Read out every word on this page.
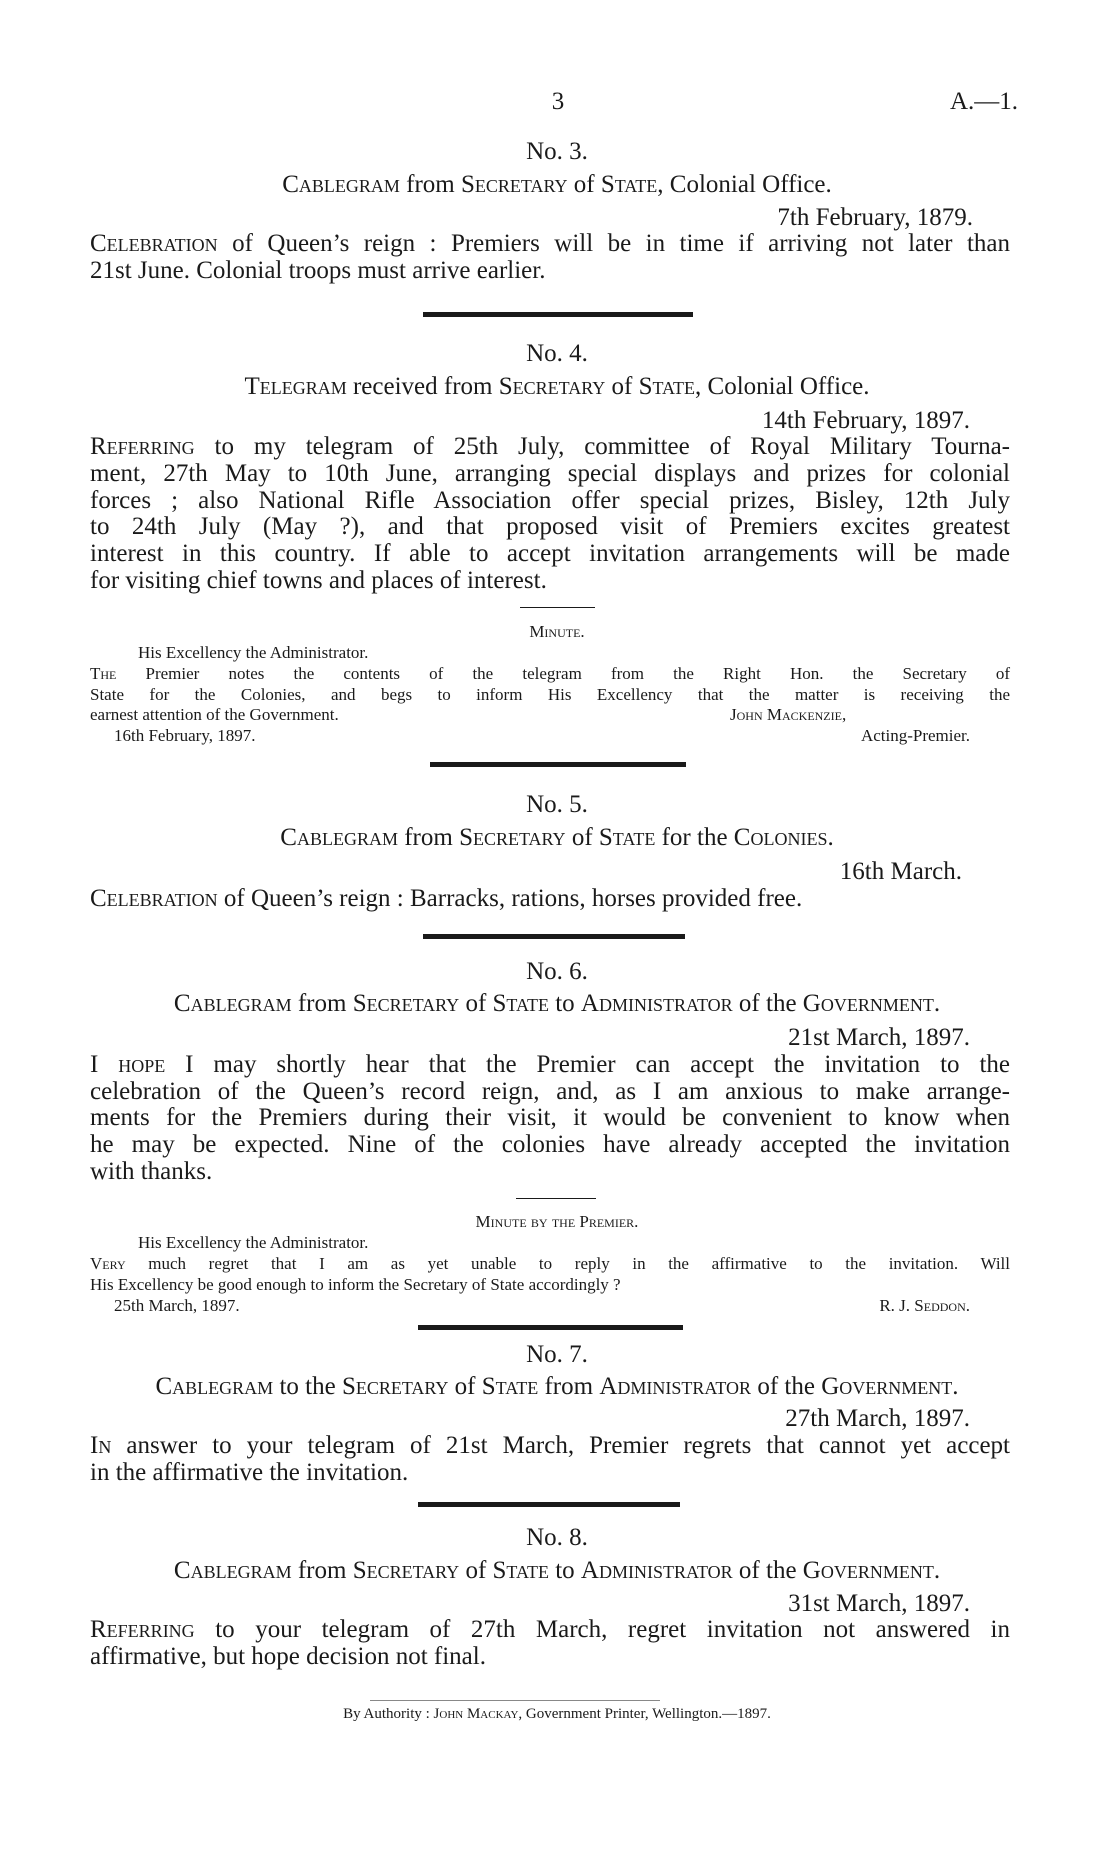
3	A.—1.
No. 3.
Cablegram from Secretary of State, Colonial Office.
7th February, 1879.
Celebration of Queen’s reign : Premiers will be in time if arriving not later than
21st June. Colonial troops must arrive earlier.
No. 4.
Telegram received from Secretary of State, Colonial Office.
14th February, 1897.
Referring to my telegram of 25th July, committee of Royal Military Tourna-
ment, 27th May to 10th June, arranging special displays and prizes for colonial
forces ; also National Rifle Association offer special prizes, Bisley, 12th July
to 24th July (May ?), and that proposed visit of Premiers excites greatest
interest in this country. If able to accept invitation arrangements will be made
for visiting chief towns and places of interest.
Minute.
His Excellency the Administrator.
The Premier notes the contents of the telegram from the Right Hon. the Secretary of
State for the Colonies, and begs to inform His Excellency that the matter is receiving the
earnest attention of the Government.	John Mackenzie,
16th February, 1897.	Acting-Premier.
No. 5.
Cablegram from Secretary of State for the Colonies.
16th March.
Celebration of Queen’s reign : Barracks, rations, horses provided free.
No. 6.
Cablegram from Secretary of State to Administrator of the Government.
21st March, 1897.
I hope I may shortly hear that the Premier can accept the invitation to the
celebration of the Queen’s record reign, and, as I am anxious to make arrange-
ments for the Premiers during their visit, it would be convenient to know when
he may be expected. Nine of the colonies have already accepted the invitation
with thanks.
Minute by the Premier.
His Excellency the Administrator.
Very much regret that I am as yet unable to reply in the affirmative to the invitation. Will
His Excellency be good enough to inform the Secretary of State accordingly ?
25th March, 1897.	R. J. Seddon.
No. 7.
Cablegram to the Secretary of State from Administrator of the Government.
27th March, 1897.
In answer to your telegram of 21st March, Premier regrets that cannot yet accept
in the affirmative the invitation.
No. 8.
Cablegram from Secretary of State to Administrator of the Government.
31st March, 1897.
Referring to your telegram of 27th March, regret invitation not answered in
affirmative, but hope decision not final.
By Authority : John Mackay, Government Printer, Wellington.—1897.
